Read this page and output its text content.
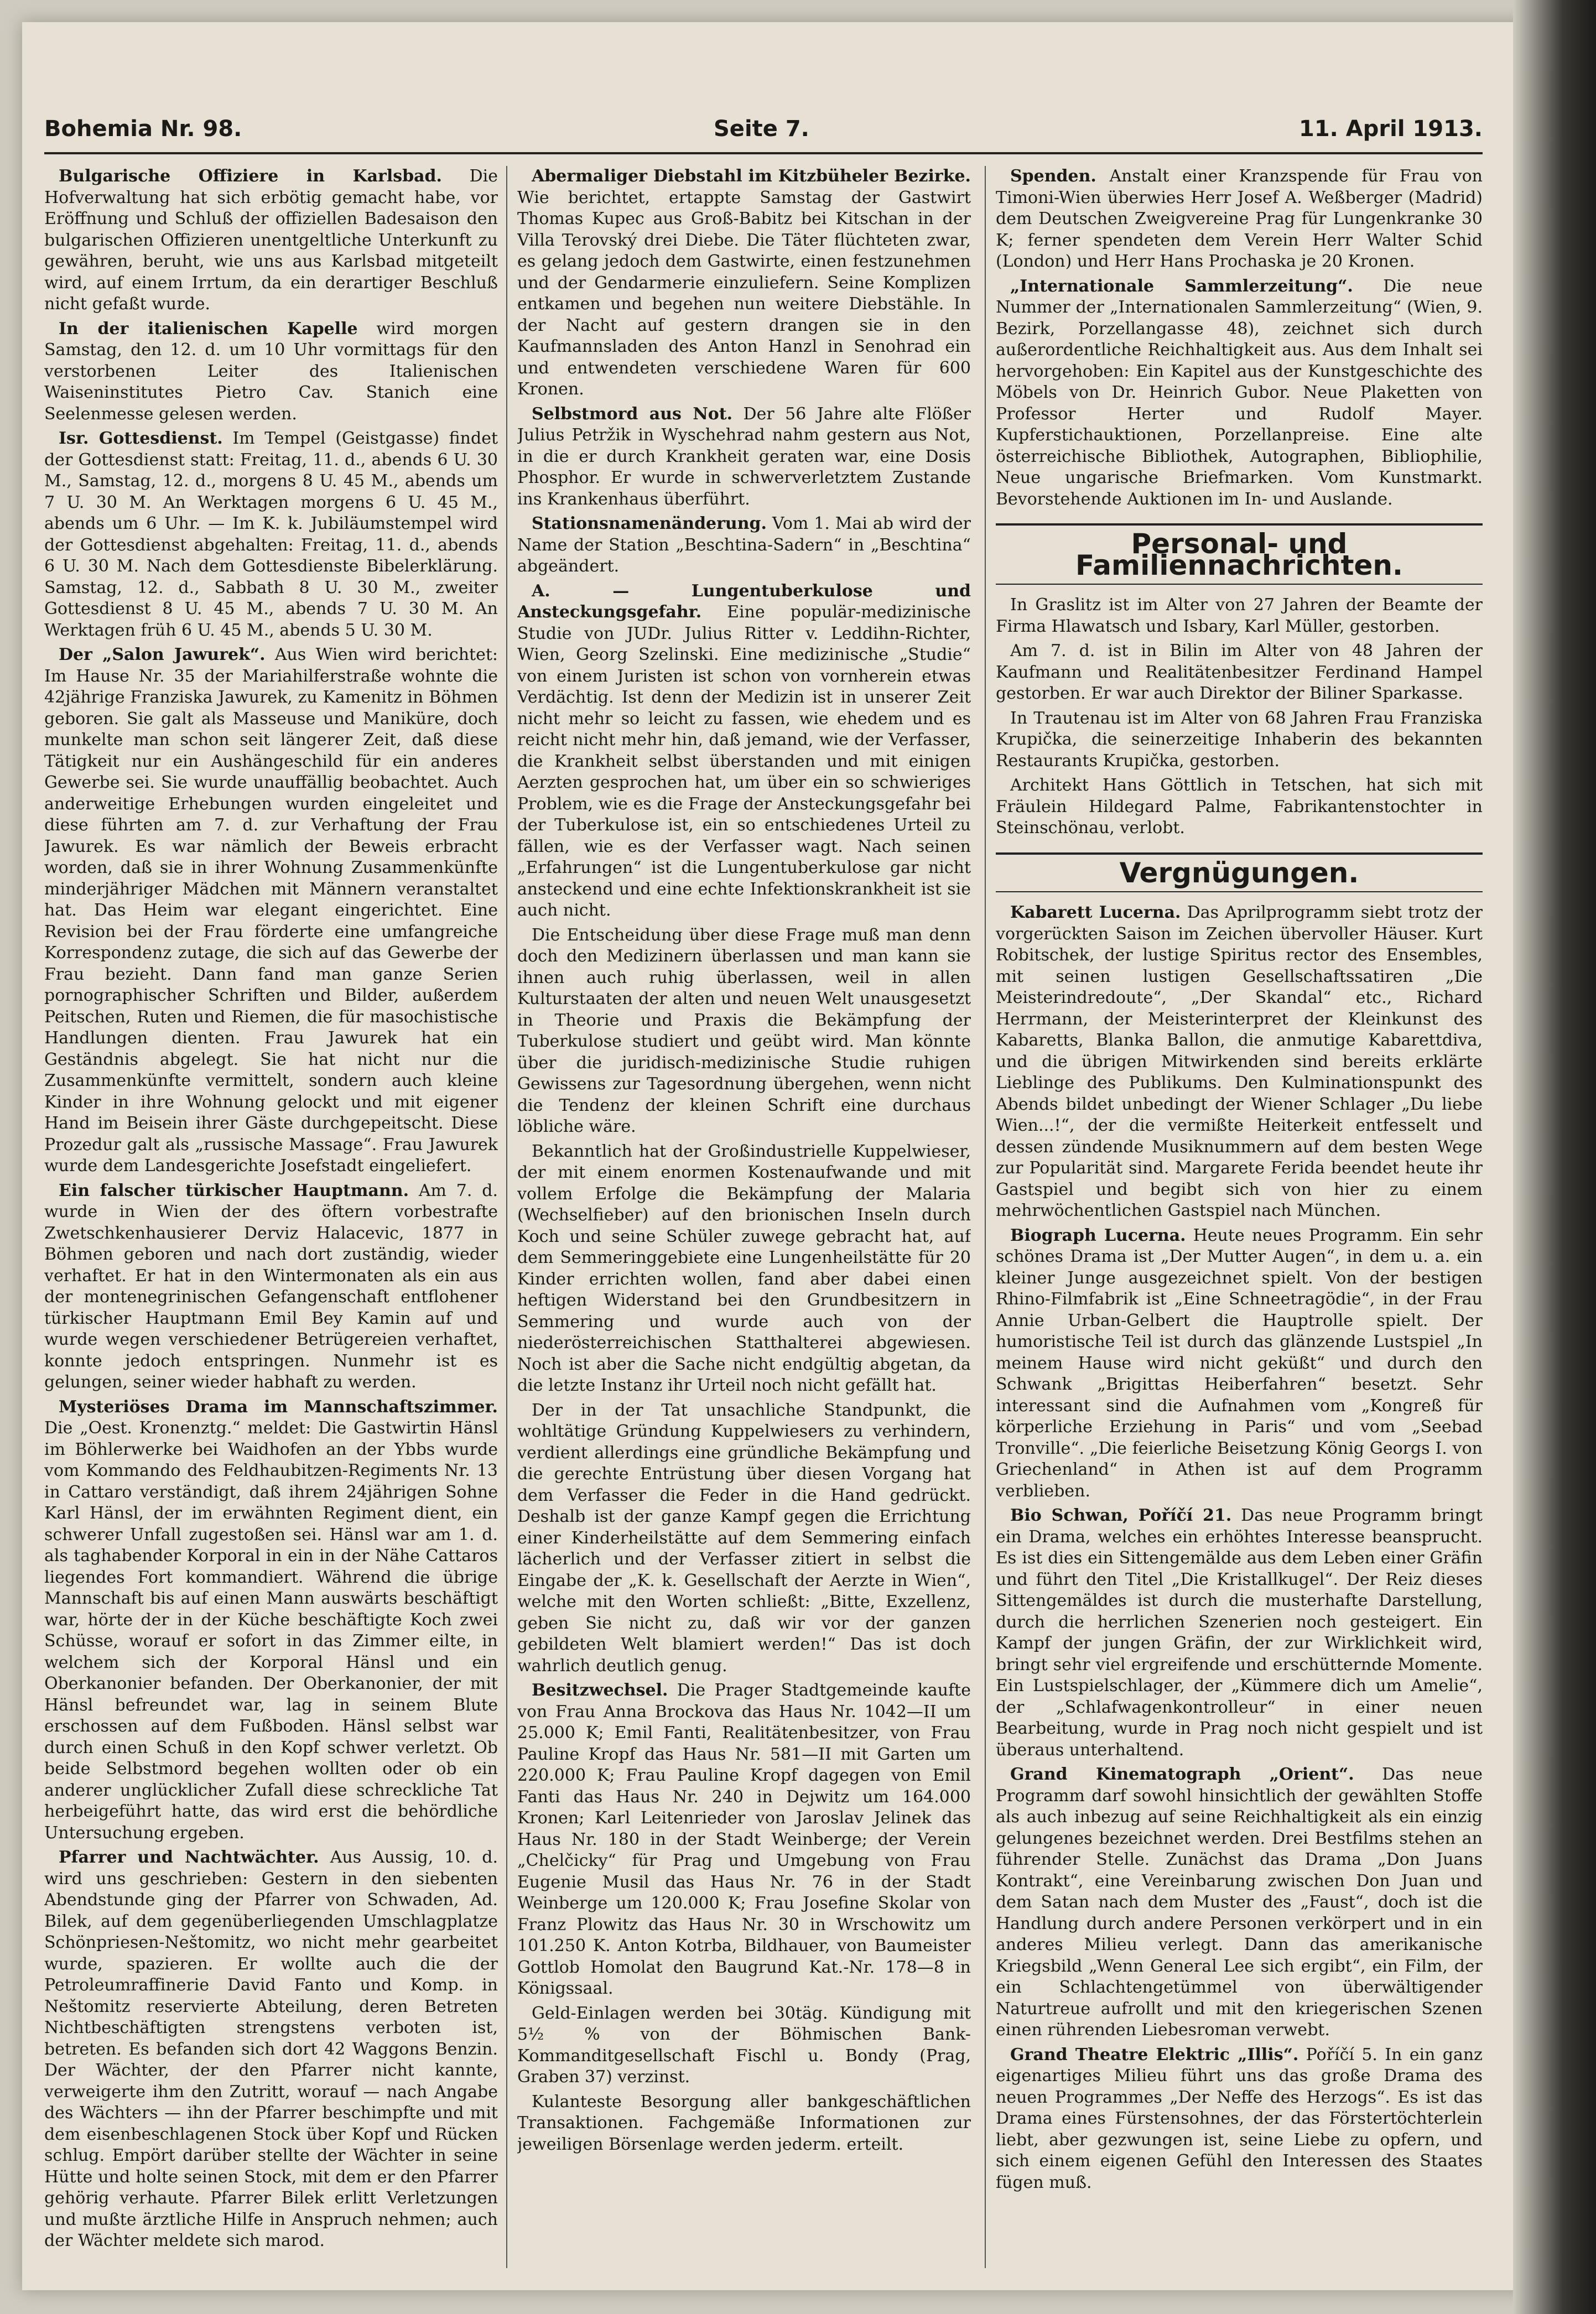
Bohemia Nr. 98.	Seite 7.	11. April 1913.

Bulgarische Offiziere in Karlsbad. Die Hofverwaltung hat sich erbötig gemacht habe, vor Eröffnung und Schluß der offiziellen Badesaison den bulgarischen Offizieren unentgeltliche Unterkunft zu gewähren, beruht, wie uns aus Karlsbad mitgeteilt wird, auf einem Irrtum, da ein derartiger Beschluß nicht gefaßt wurde.

In der italienischen Kapelle wird morgen Samstag, den 12. d. um 10 Uhr vormittags für den verstorbenen Leiter des Italienischen Waiseninstitutes Pietro Cav. Stanich eine Seelenmesse gelesen werden.

Isr. Gottesdienst. Im Tempel (Geistgasse) findet der Gottesdienst statt: Freitag, 11. d., abends 6 U. 30 M., Samstag, 12. d., morgens 8 U. 45 M., abends um 7 U. 30 M. An Werktagen morgens 6 U. 45 M., abends um 6 Uhr. — Im K. k. Jubiläumstempel wird der Gottesdienst abgehalten: Freitag, 11. d., abends 6 U. 30 M. Nach dem Gottesdienste Bibelerklärung. Samstag, 12. d., Sabbath 8 U. 30 M., zweiter Gottesdienst 8 U. 45 M., abends 7 U. 30 M. An Werktagen früh 6 U. 45 M., abends 5 U. 30 M.

Der „Salon Jawurek“. Aus Wien wird berichtet: Im Hause Nr. 35 der Mariahilferstraße wohnte die 42jährige Franziska Jawurek, zu Kamenitz in Böhmen geboren. Sie galt als Masseuse und Maniküre, doch munkelte man schon seit längerer Zeit, daß diese Tätigkeit nur ein Aushängeschild für ein anderes Gewerbe sei. Sie wurde unauffällig beobachtet. Auch anderweitige Erhebungen wurden eingeleitet und diese führten am 7. d. zur Verhaftung der Frau Jawurek. Es war nämlich der Beweis erbracht worden, daß sie in ihrer Wohnung Zusammenkünfte minderjähriger Mädchen mit Männern veranstaltet hat. Das Heim war elegant eingerichtet. Eine Revision bei der Frau förderte eine umfangreiche Korrespondenz zutage, die sich auf das Gewerbe der Frau bezieht. Dann fand man ganze Serien pornographischer Schriften und Bilder, außerdem Peitschen, Ruten und Riemen, die für masochistische Handlungen dienten. Frau Jawurek hat ein Geständnis abgelegt. Sie hat nicht nur die Zusammenkünfte vermittelt, sondern auch kleine Kinder in ihre Wohnung gelockt und mit eigener Hand im Beisein ihrer Gäste durchgepeitscht. Diese Prozedur galt als „russische Massage“. Frau Jawurek wurde dem Landesgerichte Josefstadt eingeliefert.

Ein falscher türkischer Hauptmann. Am 7. d. wurde in Wien der des öftern vorbestrafte Zwetschkenhausierer Derviz Halacevic, 1877 in Böhmen geboren und nach dort zuständig, wieder verhaftet. Er hat in den Wintermonaten als ein aus der montenegrinischen Gefangenschaft entflohener türkischer Hauptmann Emil Bey Kamin auf und wurde wegen verschiedener Betrügereien verhaftet, konnte jedoch entspringen. Nunmehr ist es gelungen, seiner wieder habhaft zu werden.

Mysteriöses Drama im Mannschaftszimmer. Die „Oest. Kronenztg.“ meldet: Die Gastwirtin Hänsl im Böhlerwerke bei Waidhofen an der Ybbs wurde vom Kommando des Feldhaubitzen-Regiments Nr. 13 in Cattaro verständigt, daß ihrem 24jährigen Sohne Karl Hänsl, der im erwähnten Regiment dient, ein schwerer Unfall zugestoßen sei. Hänsl war am 1. d. als taghabender Korporal in ein in der Nähe Cattaros liegendes Fort kommandiert. Während die übrige Mannschaft bis auf einen Mann auswärts beschäftigt war, hörte der in der Küche beschäftigte Koch zwei Schüsse, worauf er sofort in das Zimmer eilte, in welchem sich der Korporal Hänsl und ein Oberkanonier befanden. Der Oberkanonier, der mit Hänsl befreundet war, lag in seinem Blute erschossen auf dem Fußboden. Hänsl selbst war durch einen Schuß in den Kopf schwer verletzt. Ob beide Selbstmord begehen wollten oder ob ein anderer unglücklicher Zufall diese schreckliche Tat herbeigeführt hatte, das wird erst die behördliche Untersuchung ergeben.

Pfarrer und Nachtwächter. Aus Aussig, 10. d. wird uns geschrieben: Gestern in den siebenten Abendstunde ging der Pfarrer von Schwaden, Ad. Bilek, auf dem gegenüberliegenden Umschlagplatze Schönpriesen-Neštomitz, wo nicht mehr gearbeitet wurde, spazieren. Er wollte auch die der Petroleumraffinerie David Fanto und Komp. in Neštomitz reservierte Abteilung, deren Betreten Nichtbeschäftigten strengstens verboten ist, betreten. Es befanden sich dort 42 Waggons Benzin. Der Wächter, der den Pfarrer nicht kannte, verweigerte ihm den Zutritt, worauf — nach Angabe des Wächters — ihn der Pfarrer beschimpfte und mit dem eisenbeschlagenen Stock über Kopf und Rücken schlug. Empört darüber stellte der Wächter in seine Hütte und holte seinen Stock, mit dem er den Pfarrer gehörig verhaute. Pfarrer Bilek erlitt Verletzungen und mußte ärztliche Hilfe in Anspruch nehmen; auch der Wächter meldete sich marod.

Abermaliger Diebstahl im Kitzbüheler Bezirke. Wie berichtet, ertappte Samstag der Gastwirt Thomas Kupec aus Groß-Babitz bei Kitschan in der Villa Terovský drei Diebe. Die Täter flüchteten zwar, es gelang jedoch dem Gastwirte, einen festzunehmen und der Gendarmerie einzuliefern. Seine Komplizen entkamen und begehen nun weitere Diebstähle. In der Nacht auf gestern drangen sie in den Kaufmannsladen des Anton Hanzl in Senohrad ein und entwendeten verschiedene Waren für 600 Kronen.

Selbstmord aus Not. Der 56 Jahre alte Flößer Julius Petržik in Wyschehrad nahm gestern aus Not, in die er durch Krankheit geraten war, eine Dosis Phosphor. Er wurde in schwerverletztem Zustande ins Krankenhaus überführt.

Stationsnamenänderung. Vom 1. Mai ab wird der Name der Station „Beschtina-Sadern“ in „Beschtina“ abgeändert.

A. — Lungentuberkulose und Ansteckungsgefahr. Eine populär-medizinische Studie von JUDr. Julius Ritter v. Leddihn-Richter, Wien, Georg Szelinski. Eine medizinische „Studie“ von einem Juristen ist schon von vornherein etwas Verdächtig. Ist denn der Medizin ist in unserer Zeit nicht mehr so leicht zu fassen, wie ehedem und es reicht nicht mehr hin, daß jemand, wie der Verfasser, die Krankheit selbst überstanden und mit einigen Aerzten gesprochen hat, um über ein so schwieriges Problem, wie es die Frage der Ansteckungsgefahr bei der Tuberkulose ist, ein so entschiedenes Urteil zu fällen, wie es der Verfasser wagt. Nach seinen „Erfahrungen“ ist die Lungentuberkulose gar nicht ansteckend und eine echte Infektionskrankheit ist sie auch nicht.

Die Entscheidung über diese Frage muß man denn doch den Medizinern überlassen und man kann sie ihnen auch ruhig überlassen, weil in allen Kulturstaaten der alten und neuen Welt unausgesetzt in Theorie und Praxis die Bekämpfung der Tuberkulose studiert und geübt wird. Man könnte über die juridisch-medizinische Studie ruhigen Gewissens zur Tagesordnung übergehen, wenn nicht die Tendenz der kleinen Schrift eine durchaus löbliche wäre.

Bekanntlich hat der Großindustrielle Kuppelwieser, der mit einem enormen Kostenaufwande und mit vollem Erfolge die Bekämpfung der Malaria (Wechselfieber) auf den brionischen Inseln durch Koch und seine Schüler zuwege gebracht hat, auf dem Semmeringgebiete eine Lungenheilstätte für 20 Kinder errichten wollen, fand aber dabei einen heftigen Widerstand bei den Grundbesitzern in Semmering und wurde auch von der niederösterreichischen Statthalterei abgewiesen. Noch ist aber die Sache nicht endgültig abgetan, da die letzte Instanz ihr Urteil noch nicht gefällt hat.

Der in der Tat unsachliche Standpunkt, die wohltätige Gründung Kuppelwiesers zu verhindern, verdient allerdings eine gründliche Bekämpfung und die gerechte Entrüstung über diesen Vorgang hat dem Verfasser die Feder in die Hand gedrückt. Deshalb ist der ganze Kampf gegen die Errichtung einer Kinderheilstätte auf dem Semmering einfach lächerlich und der Verfasser zitiert in selbst die Eingabe der „K. k. Gesellschaft der Aerzte in Wien“, welche mit den Worten schließt: „Bitte, Exzellenz, geben Sie nicht zu, daß wir vor der ganzen gebildeten Welt blamiert werden!“ Das ist doch wahrlich deutlich genug.

Besitzwechsel. Die Prager Stadtgemeinde kaufte von Frau Anna Brockova das Haus Nr. 1042—II um 25.000 K; Emil Fanti, Realitätenbesitzer, von Frau Pauline Kropf das Haus Nr. 581—II mit Garten um 220.000 K; Frau Pauline Kropf dagegen von Emil Fanti das Haus Nr. 240 in Dejwitz um 164.000 Kronen; Karl Leitenrieder von Jaroslav Jelinek das Haus Nr. 180 in der Stadt Weinberge; der Verein „Chelčicky“ für Prag und Umgebung von Frau Eugenie Musil das Haus Nr. 76 in der Stadt Weinberge um 120.000 K; Frau Josefine Skolar von Franz Plowitz das Haus Nr. 30 in Wrschowitz um 101.250 K. Anton Kotrba, Bildhauer, von Baumeister Gottlob Homolat den Baugrund Kat.-Nr. 178—8 in Königssaal.

Geld-Einlagen werden bei 30täg. Kündigung mit 5½ % von der Böhmischen Bank-Kommanditgesellschaft Fischl u. Bondy (Prag, Graben 37) verzinst.

Kulanteste Besorgung aller bankgeschäftlichen Transaktionen. Fachgemäße Informationen zur jeweiligen Börsenlage werden jederm. erteilt.

Spenden. Anstalt einer Kranzspende für Frau von Timoni-Wien überwies Herr Josef A. Weßberger (Madrid) dem Deutschen Zweigvereine Prag für Lungenkranke 30 K; ferner spendeten dem Verein Herr Walter Schid (London) und Herr Hans Prochaska je 20 Kronen.

„Internationale Sammlerzeitung“. Die neue Nummer der „Internationalen Sammlerzeitung“ (Wien, 9. Bezirk, Porzellangasse 48), zeichnet sich durch außerordentliche Reichhaltigkeit aus. Aus dem Inhalt sei hervorgehoben: Ein Kapitel aus der Kunstgeschichte des Möbels von Dr. Heinrich Gubor. Neue Plaketten von Professor Herter und Rudolf Mayer. Kupferstichauktionen, Porzellanpreise. Eine alte österreichische Bibliothek, Autographen, Bibliophilie, Neue ungarische Briefmarken. Vom Kunstmarkt. Bevorstehende Auktionen im In- und Auslande.

Personal- und Familiennachrichten.

In Graslitz ist im Alter von 27 Jahren der Beamte der Firma Hlawatsch und Isbary, Karl Müller, gestorben.

Am 7. d. ist in Bilin im Alter von 48 Jahren der Kaufmann und Realitätenbesitzer Ferdinand Hampel gestorben. Er war auch Direktor der Biliner Sparkasse.

In Trautenau ist im Alter von 68 Jahren Frau Franziska Krupička, die seinerzeitige Inhaberin des bekannten Restaurants Krupička, gestorben.

Architekt Hans Göttlich in Tetschen, hat sich mit Fräulein Hildegard Palme, Fabrikantenstochter in Steinschönau, verlobt.

Vergnügungen.

Kabarett Lucerna. Das Aprilprogramm siebt trotz der vorgerückten Saison im Zeichen übervoller Häuser. Kurt Robitschek, der lustige Spiritus rector des Ensembles, mit seinen lustigen Gesellschaftssatiren „Die Meisterindredoute“, „Der Skandal“ etc., Richard Herrmann, der Meisterinterpret der Kleinkunst des Kabaretts, Blanka Ballon, die anmutige Kabarettdiva, und die übrigen Mitwirkenden sind bereits erklärte Lieblinge des Publikums. Den Kulminationspunkt des Abends bildet unbedingt der Wiener Schlager „Du liebe Wien...!“, der die vermißte Heiterkeit entfesselt und dessen zündende Musiknummern auf dem besten Wege zur Popularität sind. Margarete Ferida beendet heute ihr Gastspiel und begibt sich von hier zu einem mehrwöchentlichen Gastspiel nach München.

Biograph Lucerna. Heute neues Programm. Ein sehr schönes Drama ist „Der Mutter Augen“, in dem u. a. ein kleiner Junge ausgezeichnet spielt. Von der bestigen Rhino-Filmfabrik ist „Eine Schneetragödie“, in der Frau Annie Urban-Gelbert die Hauptrolle spielt. Der humoristische Teil ist durch das glänzende Lustspiel „In meinem Hause wird nicht geküßt“ und durch den Schwank „Brigittas Heiberfahren“ besetzt. Sehr interessant sind die Aufnahmen vom „Kongreß für körperliche Erziehung in Paris“ und vom „Seebad Tronville“. „Die feierliche Beisetzung König Georgs I. von Griechenland“ in Athen ist auf dem Programm verblieben.

Bio Schwan, Poříčí 21. Das neue Programm bringt ein Drama, welches ein erhöhtes Interesse beansprucht. Es ist dies ein Sittengemälde aus dem Leben einer Gräfin und führt den Titel „Die Kristallkugel“. Der Reiz dieses Sittengemäldes ist durch die musterhafte Darstellung, durch die herrlichen Szenerien noch gesteigert. Ein Kampf der jungen Gräfin, der zur Wirklichkeit wird, bringt sehr viel ergreifende und erschütternde Momente. Ein Lustspielschlager, der „Kümmere dich um Amelie“, der „Schlafwagenkontrolleur“ in einer neuen Bearbeitung, wurde in Prag noch nicht gespielt und ist überaus unterhaltend.

Grand Kinematograph „Orient“. Das neue Programm darf sowohl hinsichtlich der gewählten Stoffe als auch inbezug auf seine Reichhaltigkeit als ein einzig gelungenes bezeichnet werden. Drei Bestfilms stehen an führender Stelle. Zunächst das Drama „Don Juans Kontrakt“, eine Vereinbarung zwischen Don Juan und dem Satan nach dem Muster des „Faust“, doch ist die Handlung durch andere Personen verkörpert und in ein anderes Milieu verlegt. Dann das amerikanische Kriegsbild „Wenn General Lee sich ergibt“, ein Film, der ein Schlachtengetümmel von überwältigender Naturtreue aufrollt und mit den kriegerischen Szenen einen rührenden Liebesroman verwebt.

Grand Theatre Elektric „Illis“. Poříčí 5. In ein ganz eigenartiges Milieu führt uns das große Drama des neuen Programmes „Der Neffe des Herzogs“. Es ist das Drama eines Fürstensohnes, der das Förstertöchterlein liebt, aber gezwungen ist, seine Liebe zu opfern, und sich einem eigenen Gefühl den Interessen des Staates fügen muß.
